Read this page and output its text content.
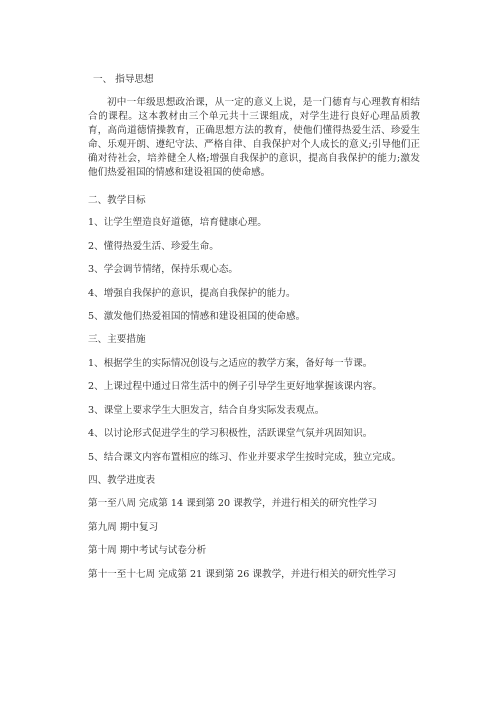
一、 指导思想
初中一年级思想政治课，从一定的意义上说，是一门德育与心理教育相结合的课程。这本教材由三个单元共十三课组成，对学生进行良好心理品质教育，高尚道德情操教育，正确思想方法的教育，使他们懂得热爱生活、珍爱生命、乐观开朗、遵纪守法、严格自律、自我保护对个人成长的意义;引导他们正确对待社会，培养健全人格;增强自我保护的意识，提高自我保护的能力;激发他们热爱祖国的情感和建设祖国的使命感。
二、教学目标
1、让学生塑造良好道德，培育健康心理。
2、懂得热爱生活、珍爱生命。
3、学会调节情绪，保持乐观心态。
4、增强自我保护的意识，提高自我保护的能力。
5、激发他们热爱祖国的情感和建设祖国的使命感。
三、主要措施
1、根据学生的实际情况创设与之适应的教学方案，备好每一节课。
2、上课过程中通过日常生活中的例子引导学生更好地掌握该课内容。
3、课堂上要求学生大胆发言，结合自身实际发表观点。
4、以讨论形式促进学生的学习积极性，活跃课堂气氛并巩固知识。
5、结合课文内容布置相应的练习、作业并要求学生按时完成，独立完成。
四、教学进度表
第一至八周 完成第 14 课到第 20 课教学，并进行相关的研究性学习
第九周 期中复习
第十周 期中考试与试卷分析
第十一至十七周 完成第 21 课到第 26 课教学，并进行相关的研究性学习
